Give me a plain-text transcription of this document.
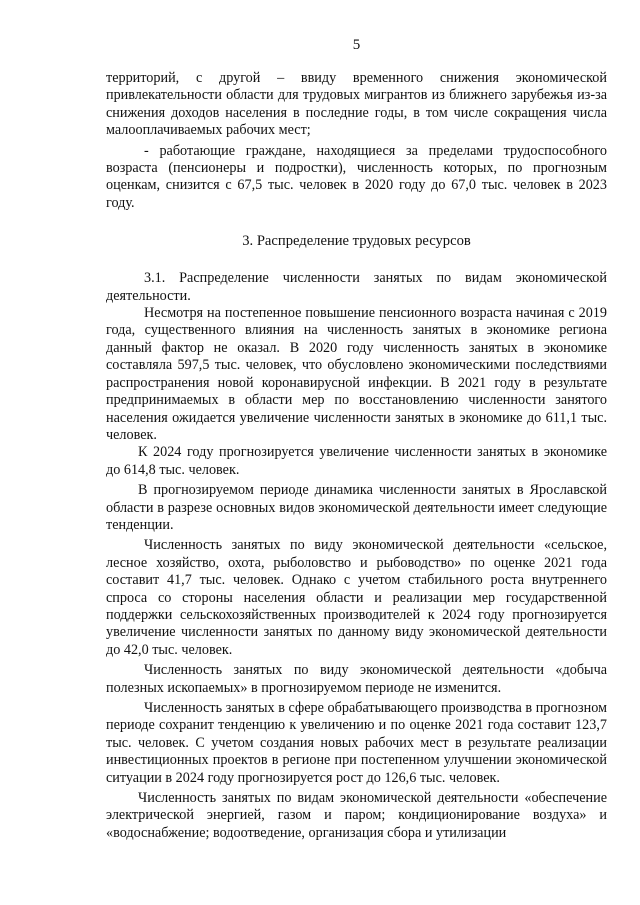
5

территорий, с другой – ввиду временного снижения экономической привлекательности области для трудовых мигрантов из ближнего зарубежья из-за снижения доходов населения в последние годы, в том числе сокращения числа малооплачиваемых рабочих мест;

- работающие граждане, находящиеся за пределами трудоспособного возраста (пенсионеры и подростки), численность которых, по прогнозным оценкам, снизится с 67,5 тыс. человек в 2020 году до 67,0 тыс. человек в 2023 году.

3. Распределение трудовых ресурсов

3.1. Распределение численности занятых по видам экономической деятельности.

Несмотря на постепенное повышение пенсионного возраста начиная с 2019 года, существенного влияния на численность занятых в экономике региона данный фактор не оказал. В 2020 году численность занятых в экономике составляла 597,5 тыс. человек, что обусловлено экономическими последствиями распространения новой коронавирусной инфекции. В 2021 году в результате предпринимаемых в области мер по восстановлению численности занятого населения ожидается увеличение численности занятых в экономике до 611,1 тыс. человек.

К 2024 году прогнозируется увеличение численности занятых в экономике до 614,8 тыс. человек.

В прогнозируемом периоде динамика численности занятых в Ярославской области в разрезе основных видов экономической деятельности имеет следующие тенденции.

Численность занятых по виду экономической деятельности «сельское, лесное хозяйство, охота, рыболовство и рыбоводство» по оценке 2021 года составит 41,7 тыс. человек. Однако с учетом стабильного роста внутреннего спроса со стороны населения области и реализации мер государственной поддержки сельскохозяйственных производителей к 2024 году прогнозируется увеличение численности занятых по данному виду экономической деятельности до 42,0 тыс. человек.

Численность занятых по виду экономической деятельности «добыча полезных ископаемых» в прогнозируемом периоде не изменится.

Численность занятых в сфере обрабатывающего производства в прогнозном периоде сохранит тенденцию к увеличению и по оценке 2021 года составит 123,7 тыс. человек. С учетом создания новых рабочих мест в результате реализации инвестиционных проектов в регионе при постепенном улучшении экономической ситуации в 2024 году прогнозируется рост до 126,6 тыс. человек.

Численность занятых по видам экономической деятельности «обеспечение электрической энергией, газом и паром; кондиционирование воздуха» и «водоснабжение; водоотведение, организация сбора и утилизации
